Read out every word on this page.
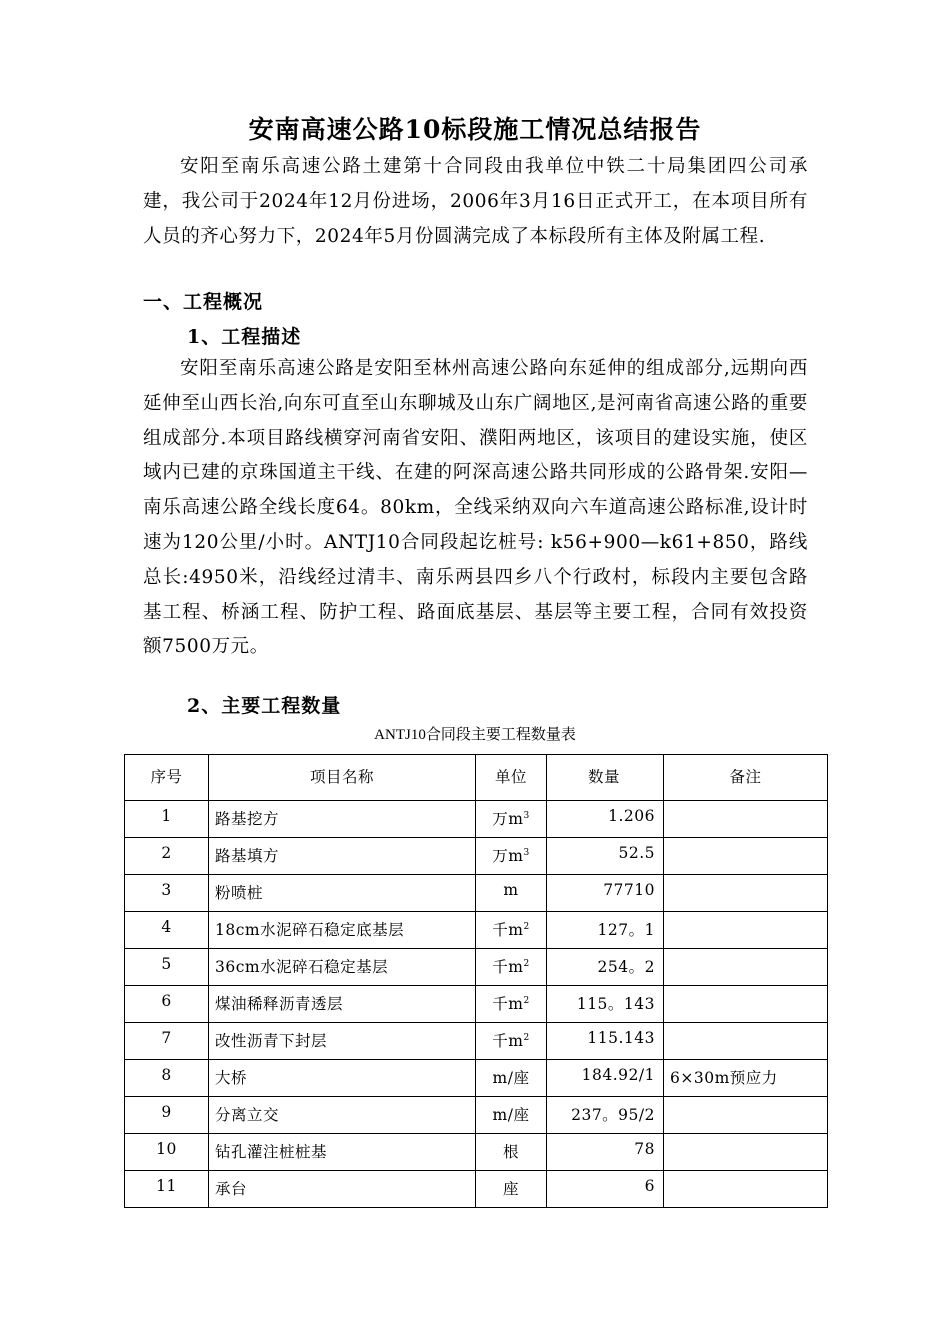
安南高速公路10标段施工情况总结报告
安阳至南乐高速公路土建第十合同段由我单位中铁二十局集团四公司承建，我公司于2024年12月份进场，2006年3月16日正式开工，在本项目所有人员的齐心努力下，2024年5月份圆满完成了本标段所有主体及附属工程.
一、工程概况
1、工程描述
安阳至南乐高速公路是安阳至林州高速公路向东延伸的组成部分,远期向西延伸至山西长治,向东可直至山东聊城及山东广阔地区,是河南省高速公路的重要组成部分.本项目路线横穿河南省安阳、濮阳两地区，该项目的建设实施，使区域内已建的京珠国道主干线、在建的阿深高速公路共同形成的公路骨架.安阳—南乐高速公路全线长度64。80km，全线采纳双向六车道高速公路标准,设计时速为120公里/小时。ANTJ10合同段起讫桩号: k56+900—k61+850，路线总长:4950米，沿线经过清丰、南乐两县四乡八个行政村，标段内主要包含路基工程、桥涵工程、防护工程、路面底基层、基层等主要工程，合同有效投资额7500万元。
2、主要工程数量
ANTJ10合同段主要工程数量表
序号	项目名称	单位	数量	备注
1	路基挖方	万$m^3$	1.206	
2	路基填方	万$m^3$	52.5	
3	粉喷桩	m	77710	
4	18cm水泥碎石稳定底基层	千$m^2$	127。1	
5	36cm水泥碎石稳定基层	千$m^2$	254。2	
6	煤油稀释沥青透层	千$m^2$	115。143	
7	改性沥青下封层	千$m^2$	115.143	
8	大桥	m/座	184.92/1	6×30m预应力
9	分离立交	m/座	237。95/2	
10	钻孔灌注桩桩基	根	78	
11	承台	座	6	
